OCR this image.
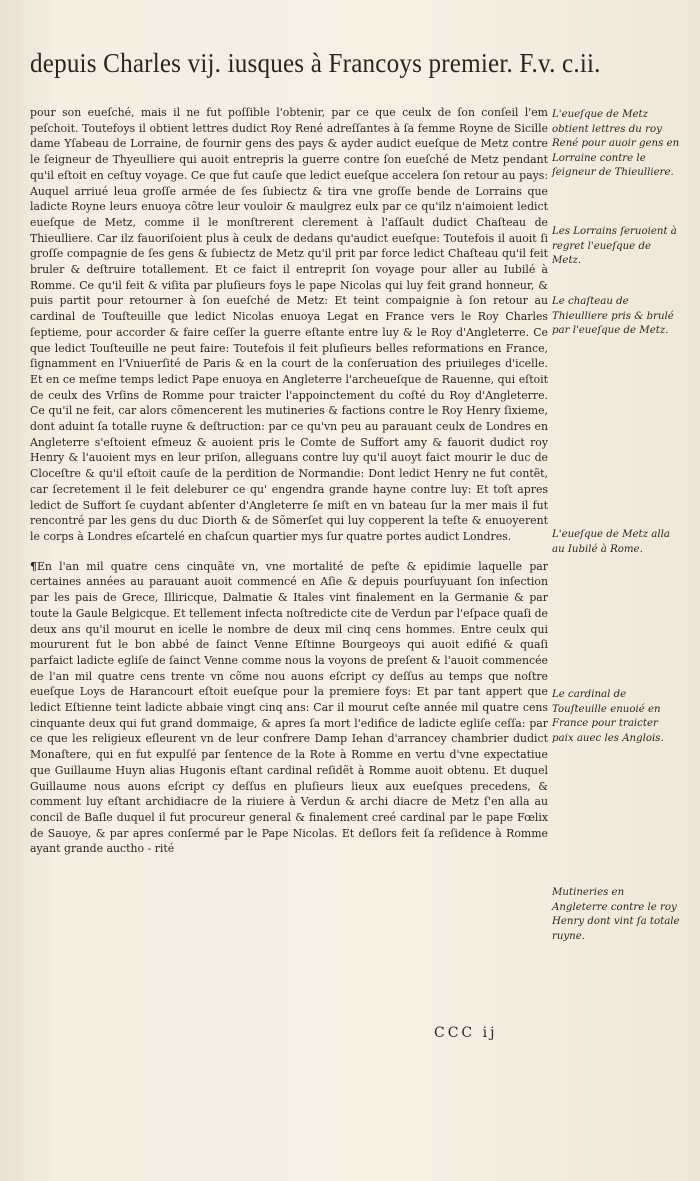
depuis Charles vij. iusques à Francoys premier. F.v. c.ii.

pour son eueſché, mais il ne fut poſſible l'obtenir, par ce que ceulx de ſon conſeil l'em peſchoit. Toutefoys il obtient lettres dudict Roy René adreſſantes à ſa femme Royne de Sicille dame Yſabeau de Lorraine, de fournir gens des pays & ayder audict eueſque de Metz contre le ſeigneur de Thyeulliere qui auoit entrepris la guerre contre ſon eueſché de Metz pendant qu'il eſtoit en ceſtuy voyage. Ce que fut cauſe que ledict eueſque accelera ſon retour au pays: Auquel arriué leua groſſe armée de ſes ſubiectz & tira vne groſſe bende de Lorrains que ladicte Royne leurs enuoya cõtre leur vouloir & maulgrez eulx par ce qu'ilz n'aimoient ledict eueſque de Metz, comme il le monſtrerent clerement à l'aſſault dudict Chaſteau de Thieulliere. Car ilz fauoriſoient plus à ceulx de dedans qu'audict eueſque: Toutefois il auoit ſi groſſe compagnie de ſes gens & ſubiectz de Metz qu'il prit par force ledict Chaſteau qu'il feit bruler & deſtruire totallement. Et ce faict il entreprit ſon voyage pour aller au Iubilé à Romme. Ce qu'il feit & viſita par pluſieurs foys le pape Nicolas qui luy feit grand honneur, & puis partit pour retourner à ſon eueſché de Metz: Et teint compaignie à ſon retour au cardinal de Touſteuille que ledict Nicolas enuoya Legat en France vers le Roy Charles ſeptieme, pour accorder & faire ceſſer la guerre eſtante entre luy & le Roy d'Angleterre. Ce que ledict Touſteuille ne peut faire: Toutefois il feit pluſieurs belles reformations en France, ſignamment en l'Vniuerſité de Paris & en la court de la conſeruation des priuileges d'icelle. Et en ce meſme temps ledict Pape enuoya en Angleterre l'archeueſque de Rauenne, qui eſtoit de ceulx des Vrſins de Romme pour traicter l'appoinctement du coſté du Roy d'Angleterre. Ce qu'il ne feit, car alors cõmencerent les mutineries & factions contre le Roy Henry ſixieme, dont aduint ſa totalle ruyne & deſtruction: par ce qu'vn peu au parauant ceulx de Londres en Angleterre s'eſtoient eſmeuz & auoient pris le Comte de Suffort amy & fauorit dudict roy Henry & l'auoient mys en leur priſon, alleguans contre luy qu'il auoyt faict mourir le duc de Cloceſtre & qu'il eſtoit cauſe de la perdition de Normandie: Dont ledict Henry ne fut contẽt, car ſecretement il le feit deleburer ce qu' engendra grande hayne contre luy: Et toſt apres ledict de Suffort ſe cuydant abſenter d'Angleterre ſe miſt en vn bateau ſur la mer mais il fut rencontré par les gens du duc Diorth & de Sõmerſet qui luy copperent la teſte & enuoyerent le corps à Londres eſcartelé en chaſcun quartier mys ſur quatre portes audict Londres.

¶En l'an mil quatre cens cinquãte vn, vne mortalité de peſte & epidimie laquelle par certaines années au parauant auoit commencé en Aſie & depuis pourſuyuant ſon inſection par les pais de Grece, Illiricque, Dalmatie & Itales vint finalement en la Germanie & par toute la Gaule Belgicque. Et tellement infecta noſtredicte cite de Verdun par l'eſpace quaſi de deux ans qu'il mourut en icelle le nombre de deux mil cinq cens hommes. Entre ceulx qui moururent fut le bon abbé de ſainct Venne Eſtinne Bourgeoys qui auoit edifié & quaſi parfaict ladicte egliſe de ſainct Venne comme nous la voyons de preſent & l'auoit commencée de l'an mil quatre cens trente vn cõme nou auons eſcript cy deſſus au temps que noſtre eueſque Loys de Harancourt eſtoit eueſque pour la premiere foys: Et par tant appert que ledict Eſtienne teint ladicte abbaie vingt cinq ans: Car il mourut ceſte année mil quatre cens cinquante deux qui fut grand dommaige, & apres ſa mort l'edifice de ladicte egliſe ceſſa: par ce que les religieux eſleurent vn de leur confrere Damp Iehan d'arrancey chambrier dudict Monaſtere, qui en fut expulſé par ſentence de la Rote à Romme en vertu d'vne expectatiue que Guillaume Huyn alias Hugonis eſtant cardinal reſidẽt à Romme auoit obtenu. Et duquel Guillaume nous auons eſcript cy deſſus en pluſieurs lieux aux eueſques precedens, & comment luy eſtant archidiacre de la riuiere à Verdun & archi diacre de Metz ſ'en alla au concil de Baſle duquel il fut procureur general & finalement creé cardinal par le pape Fœlix de Sauoye, & par apres conſermé par le Pape Nicolas. Et deſlors feit ſa reſidence à Romme ayant grande auctho - rité

CCC ij
L'eueſque de Metz obtient lettres du roy René pour auoir gens en Lorraine contre le ſeigneur de Thieulliere.
Les Lorrains ſeruoient à regret l'eueſque de Metz.
Le chaſteau de Thieulliere pris & brulé par l'eueſque de Metz.
L'eueſque de Metz alla au Iubilé à Rome.
Le cardinal de Touſteuille enuoié en France pour traicter paix auec les Anglois.
Mutineries en Angleterre contre le roy Henry dont vint ſa totale ruyne.
